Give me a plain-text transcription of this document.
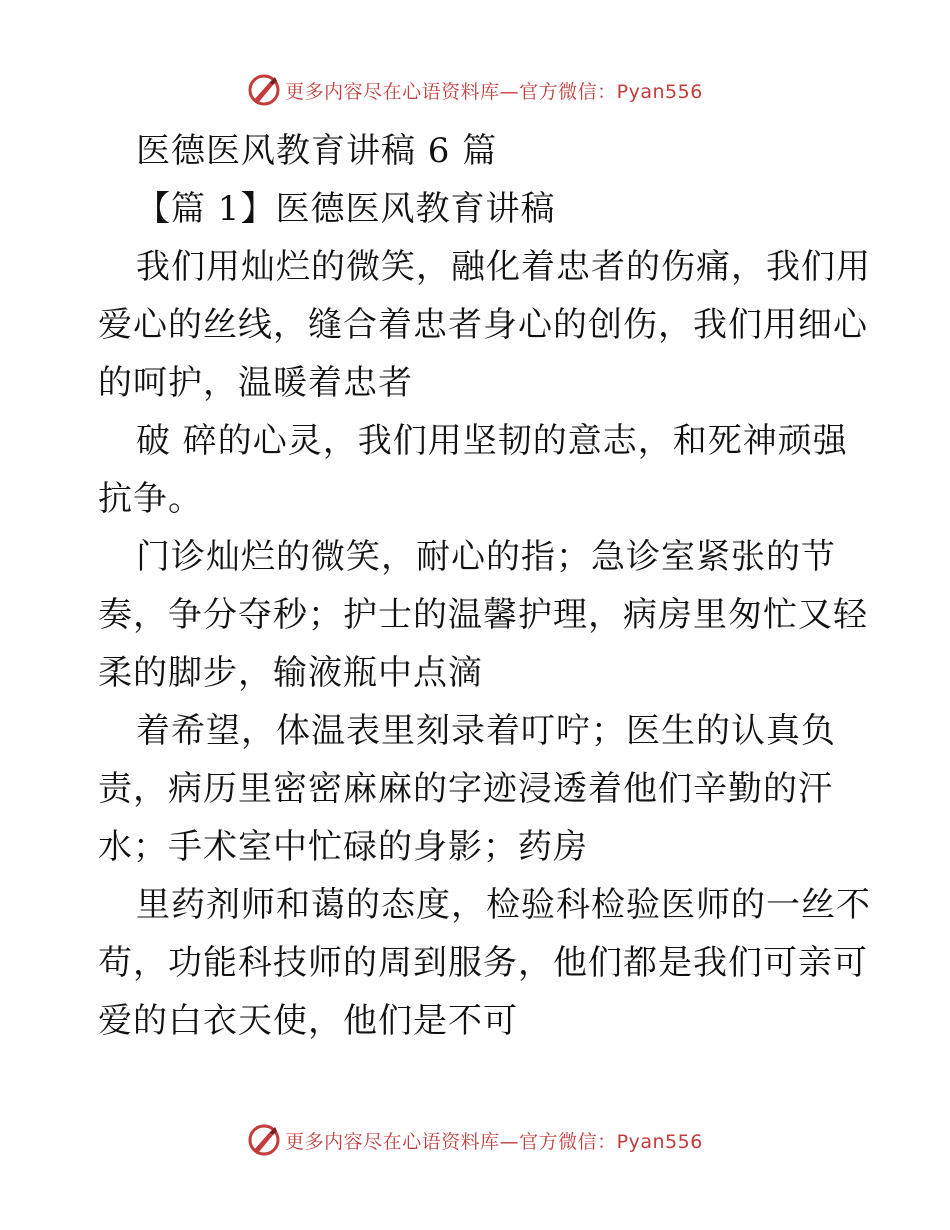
更多内容尽在心语资料库—官方微信：Pyan556
医德医风教育讲稿 6 篇
【篇 1】医德医风教育讲稿
我们用灿烂的微笑，融化着忠者的伤痛，我们用
爱心的丝线，缝合着忠者身心的创伤，我们用细心
的呵护，温暖着忠者
破 碎的心灵，我们用坚韧的意志，和死神顽强
抗争。
门诊灿烂的微笑，耐心的指；急诊室紧张的节
奏，争分夺秒；护士的温馨护理，病房里匆忙又轻
柔的脚步，输液瓶中点滴
着希望，体温表里刻录着叮咛；医生的认真负
责，病历里密密麻麻的字迹浸透着他们辛勤的汗
水；手术室中忙碌的身影；药房
里药剂师和蔼的态度，检验科检验医师的一丝不
苟，功能科技师的周到服务，他们都是我们可亲可
爱的白衣天使，他们是不可
更多内容尽在心语资料库—官方微信：Pyan556
